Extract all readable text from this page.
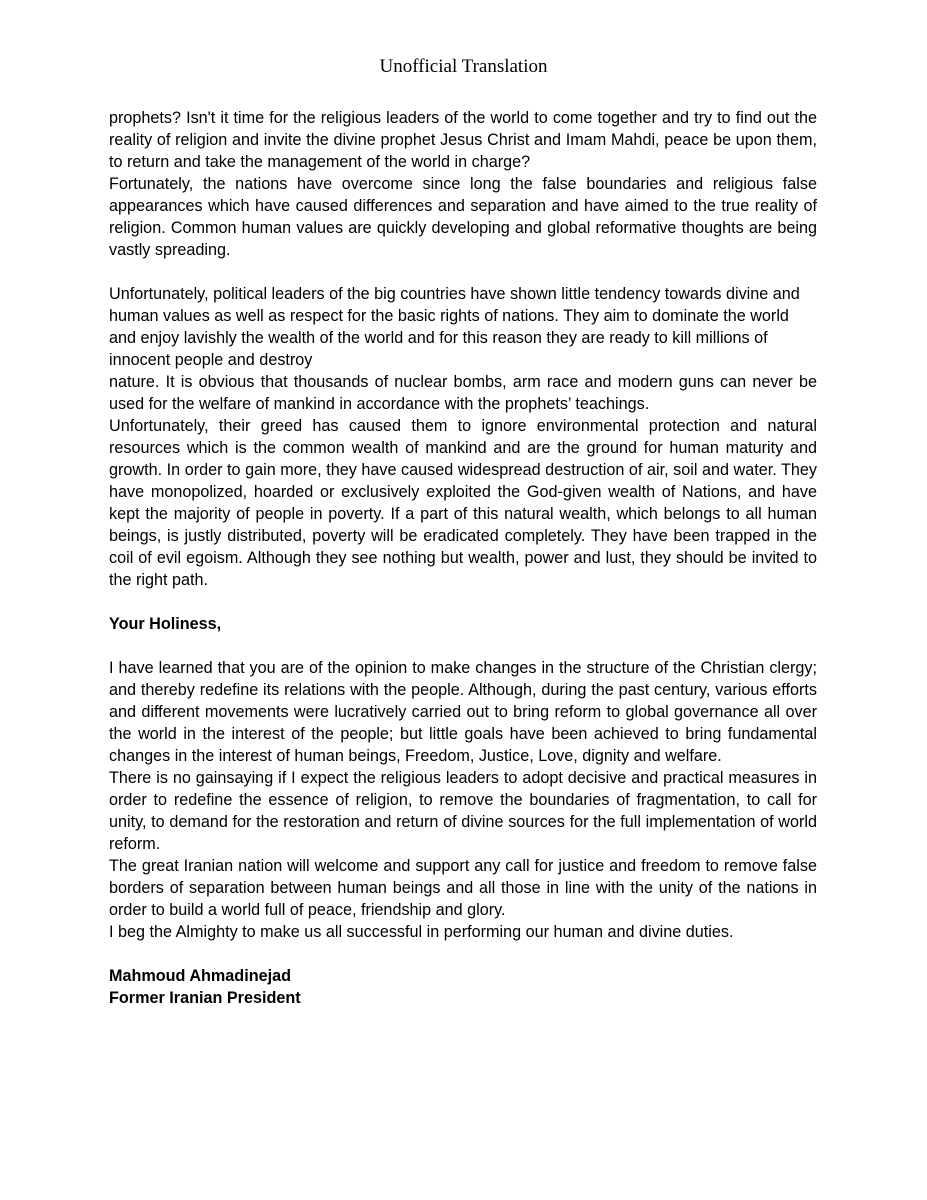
Unofficial Translation

prophets? Isn't it time for the religious leaders of the world to come together and try to find out the reality of religion and invite the divine prophet Jesus Christ and Imam Mahdi, peace be upon them, to return and take the management of the world in charge?

Fortunately, the nations have overcome since long the false boundaries and religious false appearances which have caused differences and separation and have aimed to the true reality of religion. Common human values are quickly developing and global reformative thoughts are being vastly spreading.

Unfortunately, political leaders of the big countries have shown little tendency towards divine and human values as well as respect for the basic rights of nations. They aim to dominate the world and enjoy lavishly the wealth of the world and for this reason they are ready to kill millions of innocent people and destroy

nature. It is obvious that thousands of nuclear bombs, arm race and modern guns can never be used for the welfare of mankind in accordance with the prophets’ teachings.

Unfortunately, their greed has caused them to ignore environmental protection and natural resources which is the common wealth of mankind and are the ground for human maturity and growth. In order to gain more, they have caused widespread destruction of air, soil and water. They have monopolized, hoarded or exclusively exploited the God-given wealth of Nations, and have kept the majority of people in poverty. If a part of this natural wealth, which belongs to all human beings, is justly distributed, poverty will be eradicated completely. They have been trapped in the coil of evil egoism. Although they see nothing but wealth, power and lust, they should be invited to the right path.

Your Holiness,

I have learned that you are of the opinion to make changes in the structure of the Christian clergy; and thereby redefine its relations with the people. Although, during the past century, various efforts and different movements were lucratively carried out to bring reform to global governance all over the world in the interest of the people; but little goals have been achieved to bring fundamental changes in the interest of human beings, Freedom, Justice, Love, dignity and welfare.

There is no gainsaying if I expect the religious leaders to adopt decisive and practical measures in order to redefine the essence of religion, to remove the boundaries of fragmentation, to call for unity, to demand for the restoration and return of divine sources for the full implementation of world reform.

The great Iranian nation will welcome and support any call for justice and freedom to remove false borders of separation between human beings and all those in line with the unity of the nations in order to build a world full of peace, friendship and glory.

I beg the Almighty to make us all successful in performing our human and divine duties.

Mahmoud Ahmadinejad

Former Iranian President
